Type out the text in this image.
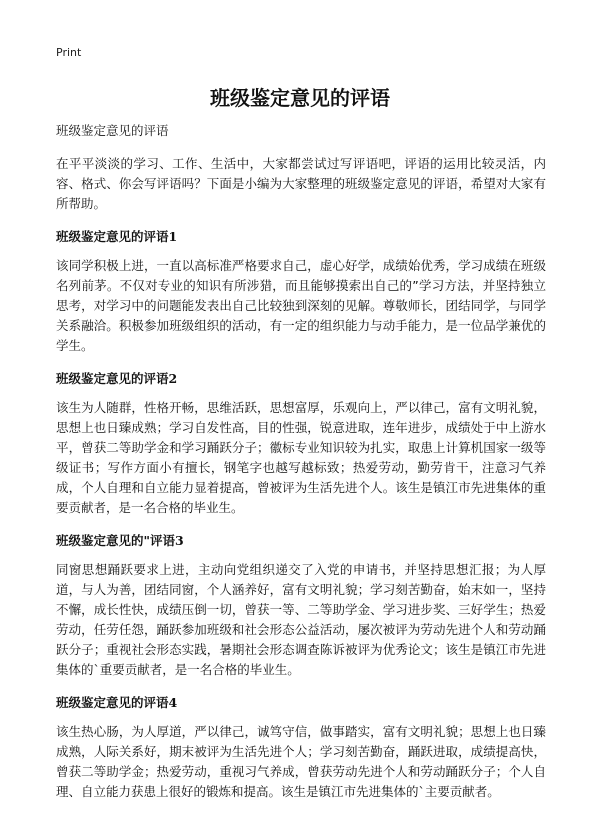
Print
班级鉴定意见的评语

班级鉴定意见的评语

在平平淡淡的学习、工作、生活中，大家都尝试过写评语吧，评语的运用比较灵活，内容、格式、你会写评语吗？下面是小编为大家整理的班级鉴定意见的评语，希望对大家有所帮助。

班级鉴定意见的评语1

该同学积极上进，一直以高标准严格要求自己，虚心好学，成绩始优秀，学习成绩在班级名列前茅。不仅对专业的知识有所涉猎，而且能够摸索出自己的”学习方法，并坚持独立思考，对学习中的问题能发表出自己比较独到深刻的见解。尊敬师长，团结同学，与同学关系融洽。积极参加班级组织的活动，有一定的组织能力与动手能力，是一位品学兼优的学生。

班级鉴定意见的评语2

该生为人随群，性格开畅，思维活跃，思想富厚，乐观向上，严以律己，富有文明礼貌，思想上也日臻成熟；学习自发性高，目的性强，锐意进取，连年进步，成绩处于中上游水平，曾获二等助学金和学习踊跃分子；徽标专业知识较为扎实，取患上计算机国家一级等级证书；写作方面小有擅长，钢笔字也越写越标致；热爱劳动，勤劳肯干，注意习气养成，个人自理和自立能力显着提高，曾被评为生活先进个人。该生是镇江市先进集体的重要贡献者，是一名合格的毕业生。

班级鉴定意见的"评语3

同窗思想踊跃要求上进，主动向党组织递交了入党的申请书，并坚持思想汇报；为人厚道，与人为善，团结同窗，个人涵养好，富有文明礼貌；学习刻苦勤奋，始末如一，坚持不懈，成长性快，成绩压倒一切，曾获一等、二等助学金、学习进步奖、三好学生；热爱劳动，任劳任怨，踊跃参加班级和社会形态公益活动，屡次被评为劳动先进个人和劳动踊跃分子；重视社会形态实践，暑期社会形态调查陈诉被评为优秀论文；该生是镇江市先进集体的`重要贡献者，是一名合格的毕业生。

班级鉴定意见的评语4

该生热心肠，为人厚道，严以律己，诚笃守信，做事踏实，富有文明礼貌；思想上也日臻成熟，人际关系好，期末被评为生活先进个人；学习刻苦勤奋，踊跃进取，成绩提高快，曾获二等助学金；热爱劳动，重视习气养成，曾获劳动先进个人和劳动踊跃分子；个人自理、自立能力获患上很好的锻炼和提高。该生是镇江市先进集体的`主要贡献者。
